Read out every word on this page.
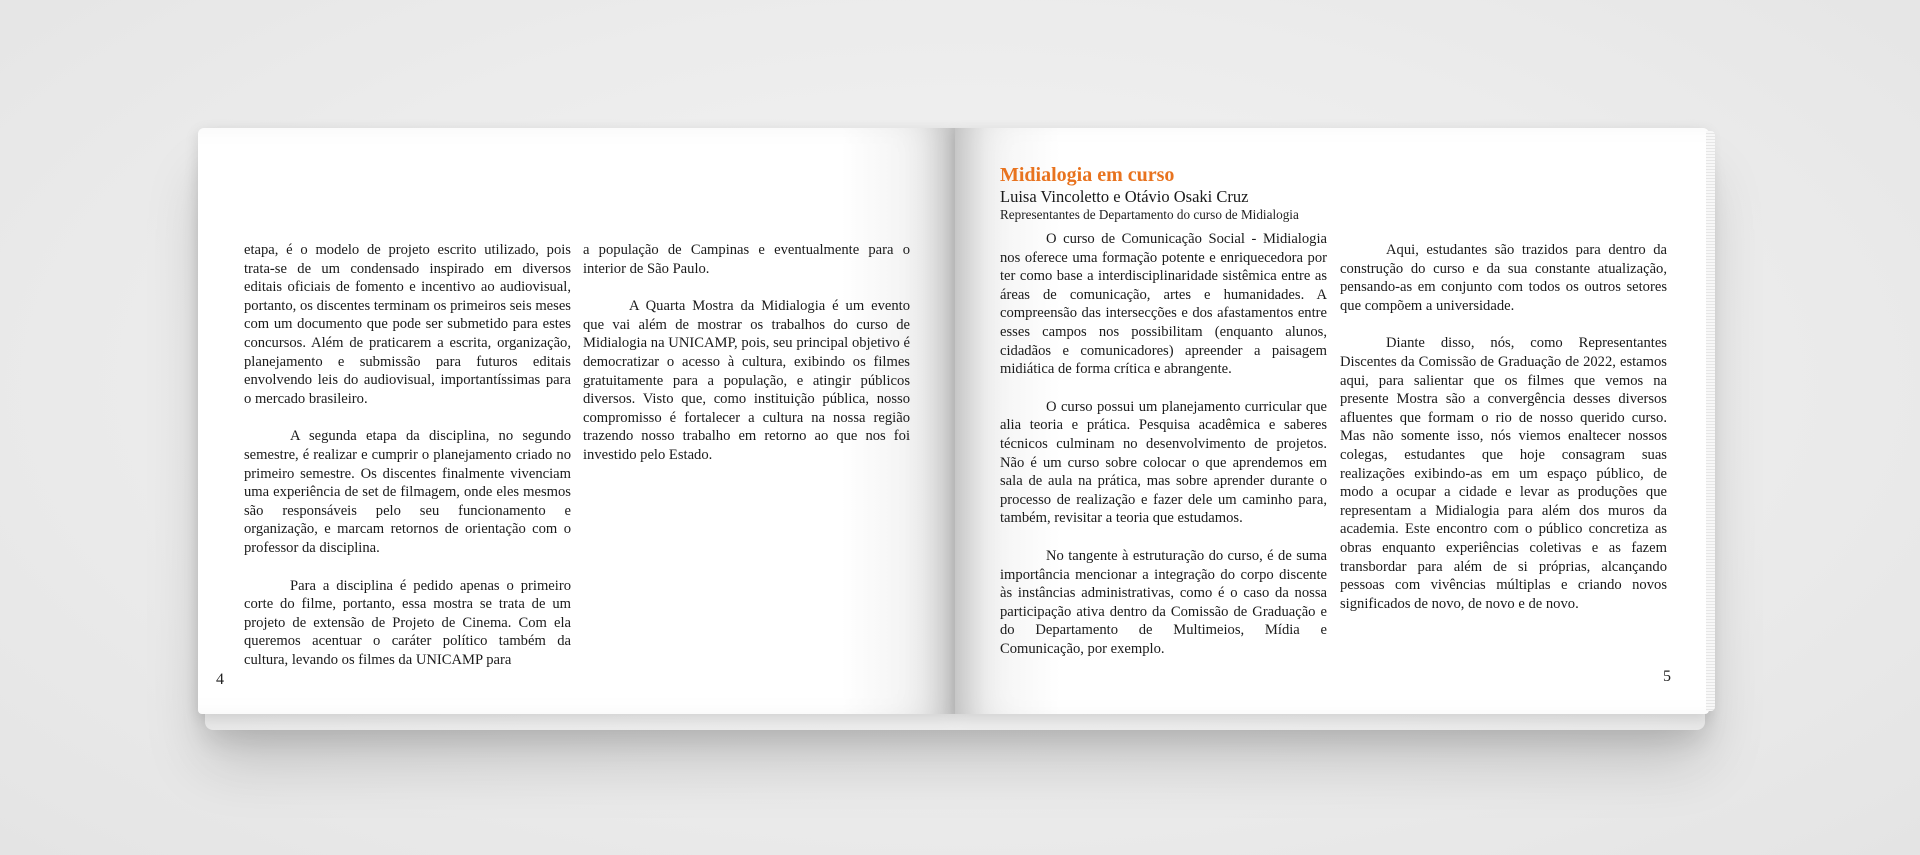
etapa, é o modelo de projeto escrito utilizado, pois trata-se de um condensado inspirado em diversos editais oficiais de fomento e incentivo ao audiovisual, portanto, os discentes terminam os primeiros seis meses com um documento que pode ser submetido para estes concursos. Além de praticarem a escrita, organização, planejamento e submissão para futuros editais envolvendo leis do audiovisual, importantíssimas para o mercado brasileiro.

A segunda etapa da disciplina, no segundo semestre, é realizar e cumprir o planejamento criado no primeiro semestre. Os discentes finalmente vivenciam uma experiência de set de filmagem, onde eles mesmos são responsáveis pelo seu funcionamento e organização, e marcam retornos de orientação com o professor da disciplina.

Para a disciplina é pedido apenas o primeiro corte do filme, portanto, essa mostra se trata de um projeto de extensão de Projeto de Cinema. Com ela queremos acentuar o caráter político também da cultura, levando os filmes da UNICAMP para

a população de Campinas e eventualmente para o interior de São Paulo.

A Quarta Mostra da Midialogia é um evento que vai além de mostrar os trabalhos do curso de Midialogia na UNICAMP, pois, seu principal objetivo é democratizar o acesso à cultura, exibindo os filmes gratuitamente para a população, e atingir públicos diversos. Visto que, como instituição pública, nosso compromisso é fortalecer a cultura na nossa região trazendo nosso trabalho em retorno ao que nos foi investido pelo Estado.

4
Midialogia em curso

Luisa Vincoletto e Otávio Osaki Cruz

Representantes de Departamento do curso de Midialogia

O curso de Comunicação Social - Midialogia nos oferece uma formação potente e enriquecedora por ter como base a interdisciplinaridade sistêmica entre as áreas de comunicação, artes e humanidades. A compreensão das intersecções e dos afastamentos entre esses campos nos possibilitam (enquanto alunos, cidadãos e comunicadores) apreender a paisagem midiática de forma crítica e abrangente.

O curso possui um planejamento curricular que alia teoria e prática. Pesquisa acadêmica e saberes técnicos culminam no desenvolvimento de projetos. Não é um curso sobre colocar o que aprendemos em sala de aula na prática, mas sobre aprender durante o processo de realização e fazer dele um caminho para, também, revisitar a teoria que estudamos.

No tangente à estruturação do curso, é de suma importância mencionar a integração do corpo discente às instâncias administrativas, como é o caso da nossa participação ativa dentro da Comissão de Graduação e do Departamento de Multimeios, Mídia e Comunicação, por exemplo.

Aqui, estudantes são trazidos para dentro da construção do curso e da sua constante atualização, pensando-as em conjunto com todos os outros setores que compõem a universidade.

Diante disso, nós, como Representantes Discentes da Comissão de Graduação de 2022, estamos aqui, para salientar que os filmes que vemos na presente Mostra são a convergência desses diversos afluentes que formam o rio de nosso querido curso. Mas não somente isso, nós viemos enaltecer nossos colegas, estudantes que hoje consagram suas realizações exibindo-as em um espaço público, de modo a ocupar a cidade e levar as produções que representam a Midialogia para além dos muros da academia. Este encontro com o público concretiza as obras enquanto experiências coletivas e as fazem transbordar para além de si próprias, alcançando pessoas com vivências múltiplas e criando novos significados de novo, de novo e de novo.

5
